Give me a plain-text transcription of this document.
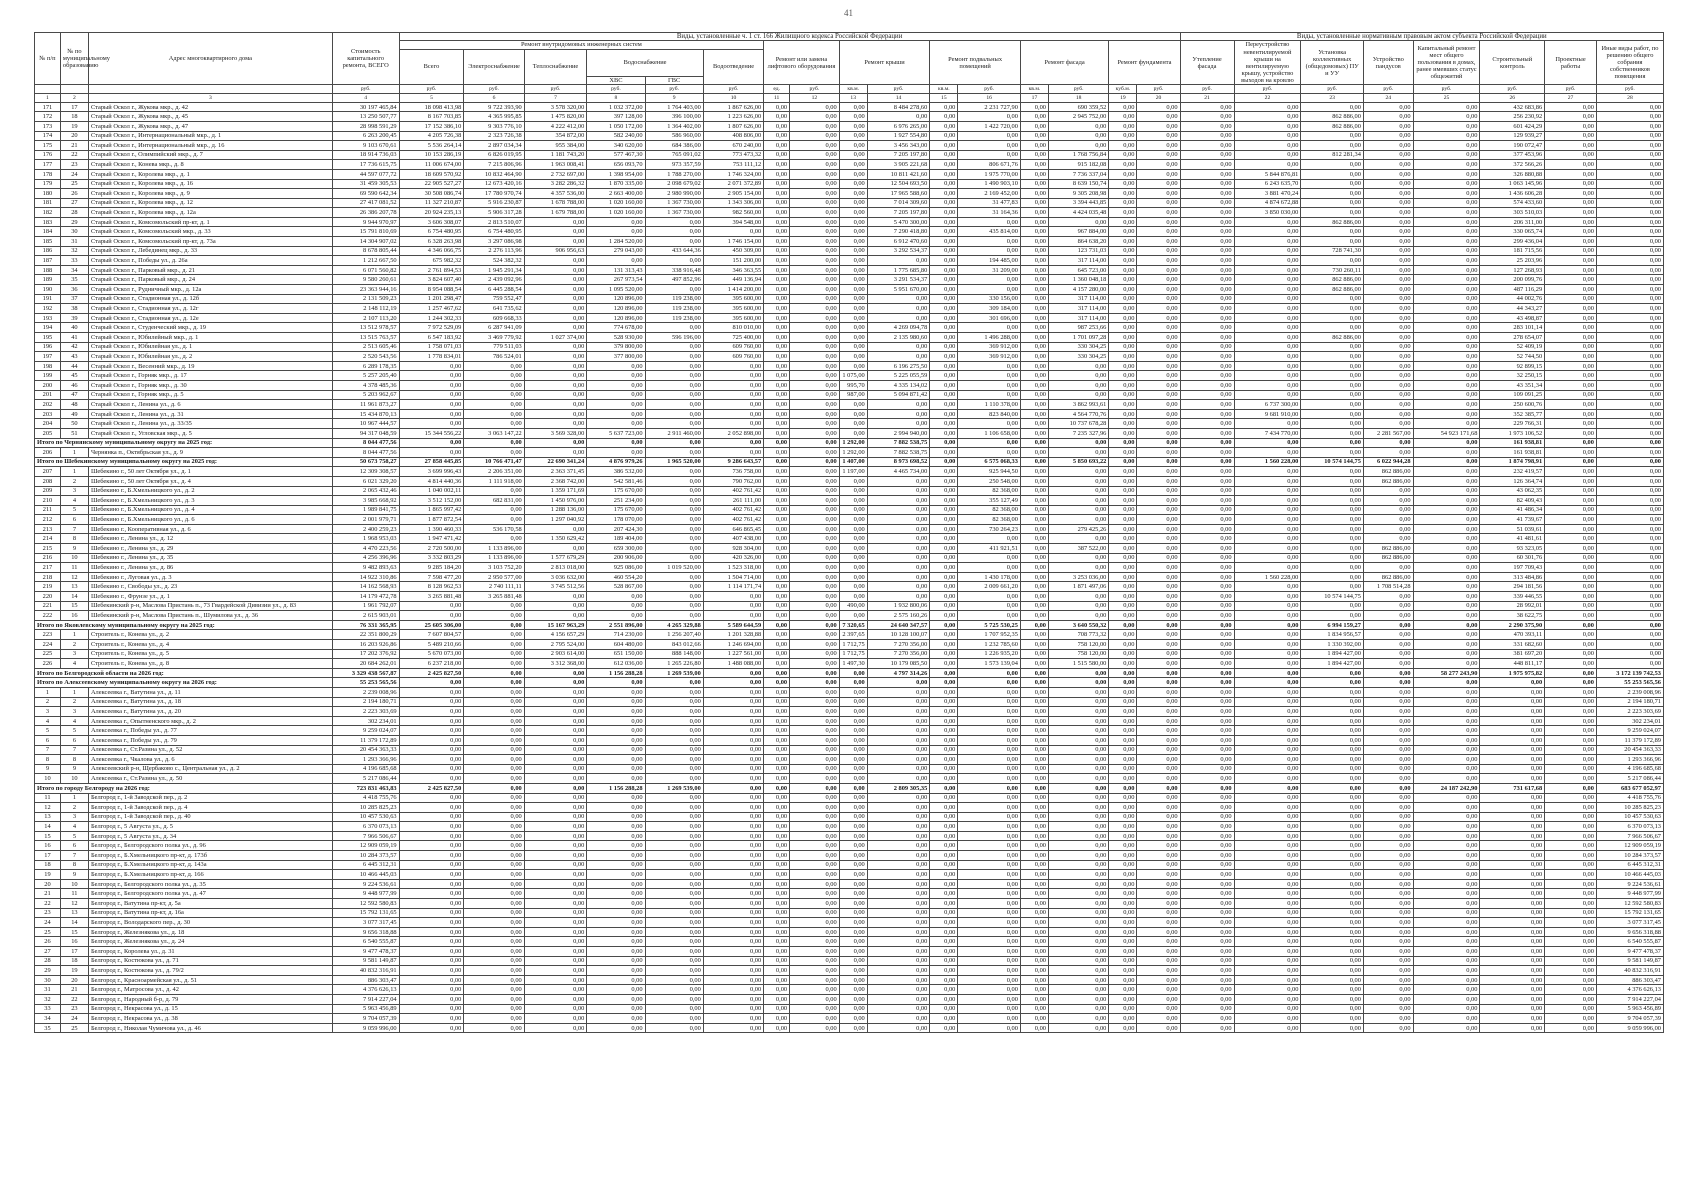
41
№ п/п	№ по муниципальному образованию	Адрес многоквартирного дома	Стоимость капитального ремонта, ВСЕГО	Виды, установленные ч. 1 ст. 166 Жилищного кодекса Российской Федерации																Виды, установленные нормативным правовым актом субъекта Российской Федерации							
				Ремонт внутридомовых инженерных систем						Ремонт или замена лифтового оборудования		Ремонт крыши		Ремонт подвальных помещений		Ремонт фасада		Ремонт фундамента		Утепление фасада	Переустройство невентилируемой крыши на вентилируемую крышу, устройство выходов на кровлю	Установка коллективных (общедомовых) ПУ и УУ	Устройство пандусов	Капитальный ремонт мест общего пользования в домах, ранее имевших статус общежитий	Строительный контроль	Проектные работы	Иные виды работ, по решению общего собрания собственников помещения
				Всего	Электроснабжение	Теплоснабжение	Водоснабжение		Водоотведение																		
							ХВС	ГВС																			
			руб.	руб.	руб.	руб.	руб.	руб.	руб.	ед.	руб.	кв.м.	руб.	кв.м.	руб.	кв.м.	руб.	куб.м.	руб.	руб.	руб.	руб.	руб.	руб.	руб.	руб.	руб.
1	2	3	4	5	6	7	8	9	10	11	12	13	14	15	16	17	18	19	20	21	22	23	24	25	26	27	28
171	17	Старый Оскол г., Жукова мкр., д. 42	30 197 465,84	18 098 413,98	9 722 393,90	3 578 320,00	1 032 372,00	1 764 403,00	1 867 626,00	0,00	0,00	0,00	8 484 278,60	0,00	2 231 727,90	0,00	690 359,52	0,00	0,00	0,00	0,00	0,00	0,00	0,00	432 683,86	0,00	0,00
172	18	Старый Оскол г., Жукова мкр., д. 45	13 250 507,77	8 167 703,85	4 365 995,85	1 475 820,00	397 128,00	396 100,00	1 223 626,00	0,00	0,00	0,00	0,00	0,00	0,00	0,00	2 945 752,00	0,00	0,00	0,00	0,00	862 886,00	0,00	0,00	256 230,92	0,00	0,00
173	19	Старый Оскол г., Жукова мкр., д. 47	28 998 591,29	17 152 386,10	9 303 776,10	4 222 412,00	1 050 172,00	1 364 402,00	1 807 626,00	0,00	0,00	0,00	6 976 265,00	0,00	1 422 720,00	0,00	0,00	0,00	0,00	0,00	0,00	862 886,00	0,00	0,00	601 424,29	0,00	0,00
174	20	Старый Оскол г., Интернациональный мкр., д. 1	6 263 200,45	4 205 726,38	2 323 726,38	354 872,00	582 240,00	586 960,00	408 806,00	0,00	0,00	0,00	1 927 554,80	0,00	0,00	0,00	0,00	0,00	0,00	0,00	0,00	0,00	0,00	0,00	129 939,27	0,00	0,00
175	21	Старый Оскол г., Интернациональный мкр., д. 16	9 103 670,61	5 536 264,14	2 897 034,34	955 384,00	340 620,00	684 386,00	670 240,00	0,00	0,00	0,00	3 456 343,00	0,00	0,00	0,00	0,00	0,00	0,00	0,00	0,00	0,00	0,00	0,00	190 072,47	0,00	0,00
176	22	Старый Оскол г., Олимпийский мкр., д. 7	18 914 736,03	10 153 286,19	6 826 019,95	1 181 743,20	577 467,30	765 091,02	773 473,32	0,00	0,00	0,00	7 205 197,80	0,00	0,00	0,00	1 768 756,84	0,00	0,00	0,00	0,00	812 281,34	0,00	0,00	377 453,96	0,00	0,00
177	23	Старый Оскол г., Конева мкр., д. 8	17 736 615,75	11 006 674,00	7 215 806,96	1 963 008,41	656 093,70	973 357,59	753 111,12	0,00	0,00	0,00	3 905 221,68	0,00	806 671,76	0,00	915 182,08	0,00	0,00	0,00	0,00	0,00	0,00	0,00	372 566,26	0,00	0,00
178	24	Старый Оскол г., Королева мкр., д. 1	44 597 077,72	18 609 570,92	10 832 464,90	2 732 697,00	1 398 954,00	1 788 270,00	1 746 324,00	0,00	0,00	0,00	10 811 421,60	0,00	1 975 770,00	0,00	7 736 337,04	0,00	0,00	0,00	5 844 876,81	0,00	0,00	0,00	326 880,88	0,00	0,00
179	25	Старый Оскол г., Королева мкр., д. 16	31 459 305,53	22 905 527,27	12 673 420,16	3 282 286,32	1 870 335,00	2 098 679,02	2 071 372,89	0,00	0,00	0,00	12 504 693,50	0,00	1 490 903,10	0,00	8 639 150,74	0,00	0,00	0,00	6 243 635,70	0,00	0,00	0,00	1 063 145,96	0,00	0,00
180	26	Старый Оскол г., Королева мкр., д. 9	69 590 642,34	30 508 086,74	17 780 970,74	4 357 536,00	2 663 400,00	2 980 990,00	2 905 154,00	0,00	0,00	0,00	17 965 588,60	0,00	2 169 452,00	0,00	9 305 208,98	0,00	0,00	0,00	3 881 470,24	0,00	0,00	0,00	1 436 606,28	0,00	0,00
181	27	Старый Оскол г., Королева мкр., д. 12	27 417 081,52	11 327 210,87	5 916 230,87	1 678 788,00	1 020 160,00	1 367 730,00	1 343 306,00	0,00	0,00	0,00	7 014 309,60	0,00	31 477,83	0,00	3 394 443,85	0,00	0,00	0,00	4 874 672,88	0,00	0,00	0,00	574 433,60	0,00	0,00
182	28	Старый Оскол г., Королева мкр., д. 12а	26 386 207,78	20 924 235,13	5 906 317,28	1 679 788,00	1 020 160,00	1 367 730,00	982 560,00	0,00	0,00	0,00	7 205 197,80	0,00	31 164,36	0,00	4 424 035,48	0,00	0,00	0,00	3 850 030,00	0,00	0,00	0,00	303 510,03	0,00	0,00
183	29	Старый Оскол г., Комсомольский пр-кт, д. 1	9 944 970,97	3 606 308,07	2 813 510,07	0,00	0,00	0,00	394 548,00	0,00	0,00	0,00	5 470 300,00	0,00	0,00	0,00	0,00	0,00	0,00	0,00	0,00	862 886,00	0,00	0,00	206 311,00	0,00	0,00
184	30	Старый Оскол г., Комсомольский мкр., д. 33	15 791 810,69	6 754 480,95	6 754 480,95	0,00	0,00	0,00	0,00	0,00	0,00	0,00	7 290 418,80	0,00	435 814,00	0,00	967 884,00	0,00	0,00	0,00	0,00	0,00	0,00	0,00	330 065,74	0,00	0,00
185	31	Старый Оскол г., Комсомольский пр-кт, д. 73а	14 304 907,02	6 328 263,98	3 297 086,98	0,00	1 284 520,00	0,00	1 746 154,00	0,00	0,00	0,00	6 912 470,60	0,00	0,00	0,00	864 638,20	0,00	0,00	0,00	0,00	0,00	0,00	0,00	299 436,04	0,00	0,00
186	32	Старый Оскол г., Лебединец мкр., д. 33	8 678 805,44	4 346 066,75	2 276 113,96	906 956,63	279 043,00	433 644,36	450 309,00	0,00	0,00	0,00	3 292 534,37	0,00	0,00	0,00	123 731,03	0,00	0,00	0,00	0,00	728 741,30	0,00	0,00	181 715,56	0,00	0,00
187	33	Старый Оскол г., Победы ул., д. 26а	1 212 667,50	675 982,32	524 382,32	0,00	0,00	0,00	151 200,00	0,00	0,00	0,00	0,00	0,00	194 485,00	0,00	317 114,00	0,00	0,00	0,00	0,00	0,00	0,00	0,00	25 203,96	0,00	0,00
188	34	Старый Оскол г., Парковый мкр., д. 21	6 071 560,82	2 761 894,53	1 945 291,34	0,00	131 313,43	338 916,48	346 363,55	0,00	0,00	0,00	1 775 685,80	0,00	31 209,00	0,00	645 723,00	0,00	0,00	0,00	0,00	730 260,11	0,00	0,00	127 268,93	0,00	0,00
189	35	Старый Оскол г., Парковый мкр., д. 24	9 580 260,61	3 824 607,40	2 439 092,96	0,00	267 973,54	497 852,96	449 136,94	0,00	0,00	0,00	3 291 534,37	0,00	0,00	0,00	1 360 048,18	0,00	0,00	0,00	0,00	862 886,00	0,00	0,00	200 099,76	0,00	0,00
190	36	Старый Оскол г., Рудничный мкр., д. 12а	23 363 944,16	8 954 088,54	6 445 288,54	0,00	1 095 520,00	0,00	1 414 200,00	0,00	0,00	0,00	5 951 670,00	0,00	0,00	0,00	4 157 280,00	0,00	0,00	0,00	0,00	862 886,00	0,00	0,00	487 116,29	0,00	0,00
191	37	Старый Оскол г., Стадионная ул., д. 12б	2 131 509,23	1 201 298,47	759 552,47	0,00	120 896,00	119 238,00	395 600,00	0,00	0,00	0,00	0,00	0,00	330 156,00	0,00	317 114,00	0,00	0,00	0,00	0,00	0,00	0,00	0,00	44 002,76	0,00	0,00
192	38	Старый Оскол г., Стадионная ул., д. 12г	2 148 112,19	1 257 467,62	641 735,62	0,00	120 896,00	119 238,00	395 600,00	0,00	0,00	0,00	0,00	0,00	309 184,00	0,00	317 114,00	0,00	0,00	0,00	0,00	0,00	0,00	0,00	44 343,27	0,00	0,00
193	39	Старый Оскол г., Стадионная ул., д. 12е	2 107 113,20	1 244 302,33	609 668,33	0,00	120 896,00	119 238,00	395 600,00	0,00	0,00	0,00	0,00	0,00	301 696,00	0,00	317 114,00	0,00	0,00	0,00	0,00	0,00	0,00	0,00	43 498,87	0,00	0,00
194	40	Старый Оскол г., Студенческий мкр., д. 19	13 512 978,57	7 972 529,09	6 287 941,09	0,00	774 678,00	0,00	810 010,00	0,00	0,00	0,00	4 269 094,78	0,00	0,00	0,00	987 253,66	0,00	0,00	0,00	0,00	0,00	0,00	0,00	283 101,14	0,00	0,00
195	41	Старый Оскол г., Юбилейный мкр., д. 1	13 515 763,57	6 547 183,92	3 469 779,92	1 027 374,00	528 930,00	596 196,00	725 400,00	0,00	0,00	0,00	2 135 980,60	0,00	1 496 288,00	0,00	1 701 097,28	0,00	0,00	0,00	0,00	862 886,00	0,00	0,00	278 654,07	0,00	0,00
196	42	Старый Оскол г., Юбилейная ул., д. 1	2 513 605,46	1 758 071,03	779 511,03	0,00	379 800,00	0,00	609 760,00	0,00	0,00	0,00	0,00	0,00	369 912,00	0,00	330 304,25	0,00	0,00	0,00	0,00	0,00	0,00	0,00	52 409,19	0,00	0,00
197	43	Старый Оскол г., Юбилейная ул., д. 2	2 520 543,56	1 778 834,01	786 524,01	0,00	377 800,00	0,00	609 760,00	0,00	0,00	0,00	0,00	0,00	369 912,00	0,00	330 304,25	0,00	0,00	0,00	0,00	0,00	0,00	0,00	52 744,50	0,00	0,00
198	44	Старый Оскол г., Весенний мкр., д. 19	6 289 178,35	0,00	0,00	0,00	0,00	0,00	0,00	0,00	0,00	0,00	6 196 275,50	0,00	0,00	0,00	0,00	0,00	0,00	0,00	0,00	0,00	0,00	0,00	92 899,15	0,00	0,00
199	45	Старый Оскол г., Горняк мкр., д. 17	5 257 205,40	0,00	0,00	0,00	0,00	0,00	0,00	0,00	0,00	1 075,00	5 225 055,59	0,00	0,00	0,00	0,00	0,00	0,00	0,00	0,00	0,00	0,00	0,00	32 250,15	0,00	0,00
200	46	Старый Оскол г., Горняк мкр., д. 30	4 378 485,36	0,00	0,00	0,00	0,00	0,00	0,00	0,00	0,00	995,70	4 335 134,02	0,00	0,00	0,00	0,00	0,00	0,00	0,00	0,00	0,00	0,00	0,00	43 351,34	0,00	0,00
201	47	Старый Оскол г., Горняк мкр., д. 5	5 203 962,67	0,00	0,00	0,00	0,00	0,00	0,00	0,00	0,00	987,00	5 094 871,42	0,00	0,00	0,00	0,00	0,00	0,00	0,00	0,00	0,00	0,00	0,00	109 091,25	0,00	0,00
202	48	Старый Оскол г., Ленина ул., д. 6	11 961 873,27	0,00	0,00	0,00	0,00	0,00	0,00	0,00	0,00	0,00	0,00	0,00	1 110 378,00	0,00	3 862 993,61	0,00	0,00	0,00	6 737 300,00	0,00	0,00	0,00	250 600,76	0,00	0,00
203	49	Старый Оскол г., Ленина ул., д. 31	15 434 870,13	0,00	0,00	0,00	0,00	0,00	0,00	0,00	0,00	0,00	0,00	0,00	823 840,00	0,00	4 564 770,76	0,00	0,00	0,00	9 681 910,00	0,00	0,00	0,00	352 385,77	0,00	0,00
204	50	Старый Оскол г., Ленина ул., д. 33/35	10 967 444,57	0,00	0,00	0,00	0,00	0,00	0,00	0,00	0,00	0,00	0,00	0,00	0,00	0,00	10 737 678,28	0,00	0,00	0,00	0,00	0,00	0,00	0,00	229 766,31	0,00	0,00
205	51	Старый Оскол г., Угловская мкр., д. 5	94 317 048,59	15 344 556,22	3 063 147,22	3 569 328,00	5 637 723,00	2 911 460,00	2 052 898,00	0,00	0,00	0,00	2 994 940,00	0,00	1 106 658,00	0,00	7 235 327,96	0,00	0,00	0,00	7 434 770,00	0,00	2 281 567,00	54 923 171,68	1 973 106,52	0,00	0,00
Итого по Чернянскому муниципальному округу на 2025 год:			8 044 477,56	0,00	0,00	0,00	0,00	0,00	0,00	0,00	0,00	1 292,00	7 882 538,75	0,00	0,00	0,00	0,00	0,00	0,00	0,00	0,00	0,00	0,00	0,00	161 938,81	0,00	0,00
206	1	Чернянка п., Октябрьская ул., д. 9	8 044 477,56	0,00	0,00	0,00	0,00	0,00	0,00	0,00	0,00	1 292,00	7 882 538,75	0,00	0,00	0,00	0,00	0,00	0,00	0,00	0,00	0,00	0,00	0,00	161 938,81	0,00	0,00
Итого по Шебекинскому муниципальному округу на 2025 год:			50 673 758,27	27 858 445,85	10 766 471,47	22 690 341,24	4 876 979,26	1 965 520,00	9 286 643,57	0,00	0,00	1 407,00	8 973 698,52	0,00	6 575 068,33	0,00	5 850 693,22	0,00	0,00	0,00	1 560 228,00	10 574 144,75	6 022 944,28	0,00	1 874 798,91	0,00	0,00
207	1	Шебекино г., 50 лет Октября ул., д. 1	12 309 308,57	3 699 996,43	2 206 351,00	2 363 371,45	386 532,00	0,00	736 758,00	0,00	0,00	1 197,00	4 465 734,00	0,00	925 944,50	0,00	0,00	0,00	0,00	0,00	0,00	0,00	862 886,00	0,00	232 419,57	0,00	0,00
208	2	Шебекино г., 50 лет Октября ул., д. 4	6 021 329,20	4 814 440,36	1 111 918,00	2 368 742,00	542 581,46	0,00	790 762,00	0,00	0,00	0,00	0,00	0,00	250 548,00	0,00	0,00	0,00	0,00	0,00	0,00	0,00	862 886,00	0,00	126 364,74	0,00	0,00
209	3	Шебекино г., Б.Хмельницкого ул., д. 2	2 065 432,46	1 040 002,11	0,00	1 359 171,69	175 670,00	0,00	402 761,42	0,00	0,00	0,00	0,00	0,00	82 368,00	0,00	0,00	0,00	0,00	0,00	0,00	0,00	0,00	0,00	43 062,35	0,00	0,00
210	4	Шебекино г., Б.Хмельницкого ул., д. 3	3 985 668,92	3 512 152,00	682 831,00	1 450 976,00	251 234,00	0,00	261 111,00	0,00	0,00	0,00	0,00	0,00	355 127,49	0,00	0,00	0,00	0,00	0,00	0,00	0,00	0,00	0,00	82 409,43	0,00	0,00
211	5	Шебекино г., Б.Хмельницкого ул., д. 4	1 989 841,75	1 865 997,42	0,00	1 288 136,00	175 670,00	0,00	402 761,42	0,00	0,00	0,00	0,00	0,00	82 368,00	0,00	0,00	0,00	0,00	0,00	0,00	0,00	0,00	0,00	41 486,34	0,00	0,00
212	6	Шебекино г., Б.Хмельницкого ул., д. 6	2 001 979,71	1 877 872,54	0,00	1 297 040,92	178 070,00	0,00	402 761,42	0,00	0,00	0,00	0,00	0,00	82 368,00	0,00	0,00	0,00	0,00	0,00	0,00	0,00	0,00	0,00	41 739,67	0,00	0,00
213	7	Шебекино г., Кооперативная ул., д. 6	2 400 259,23	1 390 460,33	536 170,58	0,00	207 424,30	0,00	646 865,45	0,00	0,00	0,00	0,00	0,00	730 264,23	0,00	279 425,26	0,00	0,00	0,00	0,00	0,00	0,00	0,00	51 039,61	0,00	0,00
214	8	Шебекино г., Ленина ул., д. 12	1 968 953,03	1 947 471,42	0,00	1 350 629,42	189 404,00	0,00	407 438,00	0,00	0,00	0,00	0,00	0,00	0,00	0,00	0,00	0,00	0,00	0,00	0,00	0,00	0,00	0,00	41 481,61	0,00	0,00
215	9	Шебекино г., Ленина ул., д. 29	4 470 223,56	2 720 500,00	1 133 896,00	0,00	659 300,00	0,00	928 304,00	0,00	0,00	0,00	0,00	0,00	411 921,51	0,00	387 522,00	0,00	0,00	0,00	0,00	0,00	862 886,00	0,00	93 323,05	0,00	0,00
216	10	Шебекино г., Ленина ул., д. 35	4 256 396,96	3 332 803,29	1 133 896,00	1 577 679,29	200 906,00	0,00	420 326,00	0,00	0,00	0,00	0,00	0,00	0,00	0,00	0,00	0,00	0,00	0,00	0,00	0,00	862 886,00	0,00	60 301,76	0,00	0,00
217	11	Шебекино г., Ленина ул., д. 86	9 482 893,63	9 285 184,20	3 103 752,20	2 813 018,00	925 086,00	1 019 520,00	1 523 318,00	0,00	0,00	0,00	0,00	0,00	0,00	0,00	0,00	0,00	0,00	0,00	0,00	0,00	0,00	0,00	197 709,43	0,00	0,00
218	12	Шебекино г., Луговая ул., д. 3	14 922 310,86	7 598 477,20	2 950 577,00	3 036 632,00	460 554,20	0,00	1 504 714,00	0,00	0,00	0,00	0,00	0,00	1 430 178,00	0,00	3 253 036,00	0,00	0,00	0,00	1 560 228,00	0,00	862 886,00	0,00	313 484,86	0,00	0,00
219	13	Шебекино г., Свободы ул., д. 23	14 162 568,93	8 128 962,53	2 740 111,11	3 745 512,56	528 867,00	0,00	1 114 171,74	0,00	0,00	0,00	0,00	0,00	2 009 661,20	0,00	1 871 497,06	0,00	0,00	0,00	0,00	0,00	1 708 514,28	0,00	294 181,56	0,00	0,00
220	14	Шебекино г., Фрунзе ул., д. 1	14 179 472,78	3 265 881,48	3 265 881,48	0,00	0,00	0,00	0,00	0,00	0,00	0,00	0,00	0,00	0,00	0,00	0,00	0,00	0,00	0,00	0,00	10 574 144,75	0,00	0,00	339 446,55	0,00	0,00
221	15	Шебекинский р-н, Маслова Пристань п., 73 Гвардейской Дивизии ул., д. 83	1 961 792,07	0,00	0,00	0,00	0,00	0,00	0,00	0,00	0,00	490,00	1 932 800,06	0,00	0,00	0,00	0,00	0,00	0,00	0,00	0,00	0,00	0,00	0,00	28 992,01	0,00	0,00
222	16	Шебекинский р-н, Маслова Пристань п., Шумилова ул., д. 36	2 615 903,01	0,00	0,00	0,00	0,00	0,00	0,00	0,00	0,00	0,00	2 575 160,26	0,00	0,00	0,00	0,00	0,00	0,00	0,00	0,00	0,00	0,00	0,00	38 622,75	0,00	0,00
Итого по Яковлевскому муниципальному округу на 2025 год:			76 331 365,95	25 605 306,00	0,00	15 167 963,29	2 551 896,00	4 265 329,88	5 589 644,59	0,00	0,00	7 320,65	24 640 347,57	0,00	5 725 530,25	0,00	3 640 550,32	0,00	0,00	0,00	0,00	6 994 159,27	0,00	0,00	2 290 375,90	0,00	0,00
223	1	Строитель г., Конева ул., д. 2	22 351 800,29	7 607 804,57	0,00	4 156 657,29	714 230,00	1 256 207,40	1 201 328,88	0,00	0,00	2 397,65	10 128 100,07	0,00	1 707 952,35	0,00	708 773,32	0,00	0,00	0,00	0,00	1 834 956,57	0,00	0,00	470 393,11	0,00	0,00
224	2	Строитель г., Конева ул., д. 4	16 203 926,86	5 489 210,66	0,00	2 795 524,00	604 480,00	843 012,66	1 246 694,00	0,00	0,00	1 712,75	7 270 356,00	0,00	1 232 785,60	0,00	758 120,00	0,00	0,00	0,00	0,00	1 330 392,00	0,00	0,00	331 682,60	0,00	0,00
225	3	Строитель г., Конева ул., д. 5	17 202 376,92	5 670 073,00	0,00	2 903 614,00	651 150,00	888 148,00	1 227 561,00	0,00	0,00	1 712,75	7 270 356,00	0,00	1 226 935,20	0,00	758 120,00	0,00	0,00	0,00	0,00	1 894 427,00	0,00	0,00	381 697,20	0,00	0,00
226	4	Строитель г., Конева ул., д. 8	20 684 262,01	6 237 218,00	0,00	3 312 368,00	612 036,00	1 265 226,80	1 488 088,00	0,00	0,00	1 497,30	10 179 085,50	0,00	1 573 139,04	0,00	1 515 580,00	0,00	0,00	0,00	0,00	1 894 427,00	0,00	0,00	448 811,17	0,00	0,00
Итого по Белгородской области на 2026 год:			3 329 438 567,87	2 425 827,50	0,00	0,00	1 156 288,28	1 269 539,00	0,00	0,00	0,00	0,00	4 797 314,26	0,00	0,00	0,00	0,00	0,00	0,00	0,00	0,00	0,00	0,00	58 277 243,90	1 975 975,82	0,00	3 172 139 742,53
Итого по Алексеевскому муниципальному округу на 2026 год:			55 253 565,56	0,00	0,00	0,00	0,00	0,00	0,00	0,00	0,00	0,00	0,00	0,00	0,00	0,00	0,00	0,00	0,00	0,00	0,00	0,00	0,00	0,00	0,00	0,00	55 253 565,56
1	1	Алексеевка г., Ватутина ул., д. 11	2 239 008,96	0,00	0,00	0,00	0,00	0,00	0,00	0,00	0,00	0,00	0,00	0,00	0,00	0,00	0,00	0,00	0,00	0,00	0,00	0,00	0,00	0,00	0,00	0,00	2 239 008,96
2	2	Алексеевка г., Ватутина ул., д. 18	2 194 180,71	0,00	0,00	0,00	0,00	0,00	0,00	0,00	0,00	0,00	0,00	0,00	0,00	0,00	0,00	0,00	0,00	0,00	0,00	0,00	0,00	0,00	0,00	0,00	2 194 180,71
3	3	Алексеевка г., Ватутина ул., д. 20	2 223 303,69	0,00	0,00	0,00	0,00	0,00	0,00	0,00	0,00	0,00	0,00	0,00	0,00	0,00	0,00	0,00	0,00	0,00	0,00	0,00	0,00	0,00	0,00	0,00	2 223 303,69
4	4	Алексеевка г., Опытненского мкр., д. 2	302 234,01	0,00	0,00	0,00	0,00	0,00	0,00	0,00	0,00	0,00	0,00	0,00	0,00	0,00	0,00	0,00	0,00	0,00	0,00	0,00	0,00	0,00	0,00	0,00	302 234,01
5	5	Алексеевка г., Победы ул., д. 77	9 259 024,07	0,00	0,00	0,00	0,00	0,00	0,00	0,00	0,00	0,00	0,00	0,00	0,00	0,00	0,00	0,00	0,00	0,00	0,00	0,00	0,00	0,00	0,00	0,00	9 259 024,07
6	6	Алексеевка г., Победы ул., д. 79	11 379 172,89	0,00	0,00	0,00	0,00	0,00	0,00	0,00	0,00	0,00	0,00	0,00	0,00	0,00	0,00	0,00	0,00	0,00	0,00	0,00	0,00	0,00	0,00	0,00	11 379 172,89
7	7	Алексеевка г., Ст.Разина ул., д. 52	20 454 363,33	0,00	0,00	0,00	0,00	0,00	0,00	0,00	0,00	0,00	0,00	0,00	0,00	0,00	0,00	0,00	0,00	0,00	0,00	0,00	0,00	0,00	0,00	0,00	20 454 363,33
8	8	Алексеевка г., Чкалова ул., д. 6	1 293 366,96	0,00	0,00	0,00	0,00	0,00	0,00	0,00	0,00	0,00	0,00	0,00	0,00	0,00	0,00	0,00	0,00	0,00	0,00	0,00	0,00	0,00	0,00	0,00	1 293 366,96
9	9	Алексеевский р-н, Щербаково с., Центральная ул., д. 2	4 196 685,68	0,00	0,00	0,00	0,00	0,00	0,00	0,00	0,00	0,00	0,00	0,00	0,00	0,00	0,00	0,00	0,00	0,00	0,00	0,00	0,00	0,00	0,00	0,00	4 196 685,68
10	10	Алексеевка г., Ст.Разина ул., д. 50	5 217 086,44	0,00	0,00	0,00	0,00	0,00	0,00	0,00	0,00	0,00	0,00	0,00	0,00	0,00	0,00	0,00	0,00	0,00	0,00	0,00	0,00	0,00	0,00	0,00	5 217 086,44
Итого по городу Белгороду на 2026 год:			723 831 463,83	2 425 827,50	0,00	0,00	1 156 288,28	1 269 539,00	0,00	0,00	0,00	0,00	2 809 305,35	0,00	0,00	0,00	0,00	0,00	0,00	0,00	0,00	0,00	0,00	24 187 242,90	731 617,68	0,00	683 677 052,97
11	1	Белгород г., 1-й Заводской пер., д. 2	4 418 755,76	0,00	0,00	0,00	0,00	0,00	0,00	0,00	0,00	0,00	0,00	0,00	0,00	0,00	0,00	0,00	0,00	0,00	0,00	0,00	0,00	0,00	0,00	0,00	4 418 755,76
12	2	Белгород г., 1-й Заводской пер., д. 4	10 285 825,23	0,00	0,00	0,00	0,00	0,00	0,00	0,00	0,00	0,00	0,00	0,00	0,00	0,00	0,00	0,00	0,00	0,00	0,00	0,00	0,00	0,00	0,00	0,00	10 285 825,23
13	3	Белгород г., 1-й Заводской пер., д. 40	10 457 530,63	0,00	0,00	0,00	0,00	0,00	0,00	0,00	0,00	0,00	0,00	0,00	0,00	0,00	0,00	0,00	0,00	0,00	0,00	0,00	0,00	0,00	0,00	0,00	10 457 530,63
14	4	Белгород г., 5 Августа ул., д. 5	6 370 073,13	0,00	0,00	0,00	0,00	0,00	0,00	0,00	0,00	0,00	0,00	0,00	0,00	0,00	0,00	0,00	0,00	0,00	0,00	0,00	0,00	0,00	0,00	0,00	6 370 073,13
15	5	Белгород г., 5 Августа ул., д. 34	7 966 506,67	0,00	0,00	0,00	0,00	0,00	0,00	0,00	0,00	0,00	0,00	0,00	0,00	0,00	0,00	0,00	0,00	0,00	0,00	0,00	0,00	0,00	0,00	0,00	7 966 506,67
16	6	Белгород г., Белгородского полка ул., д. 96	12 909 059,19	0,00	0,00	0,00	0,00	0,00	0,00	0,00	0,00	0,00	0,00	0,00	0,00	0,00	0,00	0,00	0,00	0,00	0,00	0,00	0,00	0,00	0,00	0,00	12 909 059,19
17	7	Белгород г., Б.Хмельницкого пр-кт, д. 173б	10 284 373,57	0,00	0,00	0,00	0,00	0,00	0,00	0,00	0,00	0,00	0,00	0,00	0,00	0,00	0,00	0,00	0,00	0,00	0,00	0,00	0,00	0,00	0,00	0,00	10 284 373,57
18	8	Белгород г., Б.Хмельницкого пр-кт, д. 143а	6 445 312,31	0,00	0,00	0,00	0,00	0,00	0,00	0,00	0,00	0,00	0,00	0,00	0,00	0,00	0,00	0,00	0,00	0,00	0,00	0,00	0,00	0,00	0,00	0,00	6 445 312,31
19	9	Белгород г., Б.Хмельницкого пр-кт, д. 166	10 466 445,03	0,00	0,00	0,00	0,00	0,00	0,00	0,00	0,00	0,00	0,00	0,00	0,00	0,00	0,00	0,00	0,00	0,00	0,00	0,00	0,00	0,00	0,00	0,00	10 466 445,03
20	10	Белгород г., Белгородского полка ул., д. 35	9 224 536,61	0,00	0,00	0,00	0,00	0,00	0,00	0,00	0,00	0,00	0,00	0,00	0,00	0,00	0,00	0,00	0,00	0,00	0,00	0,00	0,00	0,00	0,00	0,00	9 224 536,61
21	11	Белгород г., Белгородского полка ул., д. 47	9 448 977,99	0,00	0,00	0,00	0,00	0,00	0,00	0,00	0,00	0,00	0,00	0,00	0,00	0,00	0,00	0,00	0,00	0,00	0,00	0,00	0,00	0,00	0,00	0,00	9 448 977,99
22	12	Белгород г., Ватутина пр-кт, д. 5а	12 592 580,83	0,00	0,00	0,00	0,00	0,00	0,00	0,00	0,00	0,00	0,00	0,00	0,00	0,00	0,00	0,00	0,00	0,00	0,00	0,00	0,00	0,00	0,00	0,00	12 592 580,83
23	13	Белгород г., Ватутина пр-кт, д. 16а	15 792 131,65	0,00	0,00	0,00	0,00	0,00	0,00	0,00	0,00	0,00	0,00	0,00	0,00	0,00	0,00	0,00	0,00	0,00	0,00	0,00	0,00	0,00	0,00	0,00	15 792 131,65
24	14	Белгород г., Володарского пер., д. 30	3 077 317,45	0,00	0,00	0,00	0,00	0,00	0,00	0,00	0,00	0,00	0,00	0,00	0,00	0,00	0,00	0,00	0,00	0,00	0,00	0,00	0,00	0,00	0,00	0,00	3 077 317,45
25	15	Белгород г., Железнякова ул., д. 18	9 656 318,88	0,00	0,00	0,00	0,00	0,00	0,00	0,00	0,00	0,00	0,00	0,00	0,00	0,00	0,00	0,00	0,00	0,00	0,00	0,00	0,00	0,00	0,00	0,00	9 656 318,88
26	16	Белгород г., Железнякова ул., д. 24	6 540 555,87	0,00	0,00	0,00	0,00	0,00	0,00	0,00	0,00	0,00	0,00	0,00	0,00	0,00	0,00	0,00	0,00	0,00	0,00	0,00	0,00	0,00	0,00	0,00	6 540 555,87
27	17	Белгород г., Королева ул., д. 31	9 477 478,37	0,00	0,00	0,00	0,00	0,00	0,00	0,00	0,00	0,00	0,00	0,00	0,00	0,00	0,00	0,00	0,00	0,00	0,00	0,00	0,00	0,00	0,00	0,00	9 477 478,37
28	18	Белгород г., Костюкова ул., д. 71	9 581 149,87	0,00	0,00	0,00	0,00	0,00	0,00	0,00	0,00	0,00	0,00	0,00	0,00	0,00	0,00	0,00	0,00	0,00	0,00	0,00	0,00	0,00	0,00	0,00	9 581 149,87
29	19	Белгород г., Костюкова ул., д. 79/2	40 832 316,91	0,00	0,00	0,00	0,00	0,00	0,00	0,00	0,00	0,00	0,00	0,00	0,00	0,00	0,00	0,00	0,00	0,00	0,00	0,00	0,00	0,00	0,00	0,00	40 832 316,91
30	20	Белгород г., Красноармейская ул., д. 51	886 303,47	0,00	0,00	0,00	0,00	0,00	0,00	0,00	0,00	0,00	0,00	0,00	0,00	0,00	0,00	0,00	0,00	0,00	0,00	0,00	0,00	0,00	0,00	0,00	886 303,47
31	21	Белгород г., Матросова ул., д. 42	4 376 626,13	0,00	0,00	0,00	0,00	0,00	0,00	0,00	0,00	0,00	0,00	0,00	0,00	0,00	0,00	0,00	0,00	0,00	0,00	0,00	0,00	0,00	0,00	0,00	4 376 626,13
32	22	Белгород г., Народный б-р, д. 79	7 914 227,04	0,00	0,00	0,00	0,00	0,00	0,00	0,00	0,00	0,00	0,00	0,00	0,00	0,00	0,00	0,00	0,00	0,00	0,00	0,00	0,00	0,00	0,00	0,00	7 914 227,04
33	23	Белгород г., Некрасова ул., д. 15	5 963 456,89	0,00	0,00	0,00	0,00	0,00	0,00	0,00	0,00	0,00	0,00	0,00	0,00	0,00	0,00	0,00	0,00	0,00	0,00	0,00	0,00	0,00	0,00	0,00	5 963 456,89
34	24	Белгород г., Некрасова ул., д. 38	9 704 057,39	0,00	0,00	0,00	0,00	0,00	0,00	0,00	0,00	0,00	0,00	0,00	0,00	0,00	0,00	0,00	0,00	0,00	0,00	0,00	0,00	0,00	0,00	0,00	9 704 057,39
35	25	Белгород г., Николая Чумичова ул., д. 46	9 059 996,00	0,00	0,00	0,00	0,00	0,00	0,00	0,00	0,00	0,00	0,00	0,00	0,00	0,00	0,00	0,00	0,00	0,00	0,00	0,00	0,00	0,00	0,00	0,00	9 059 996,00
